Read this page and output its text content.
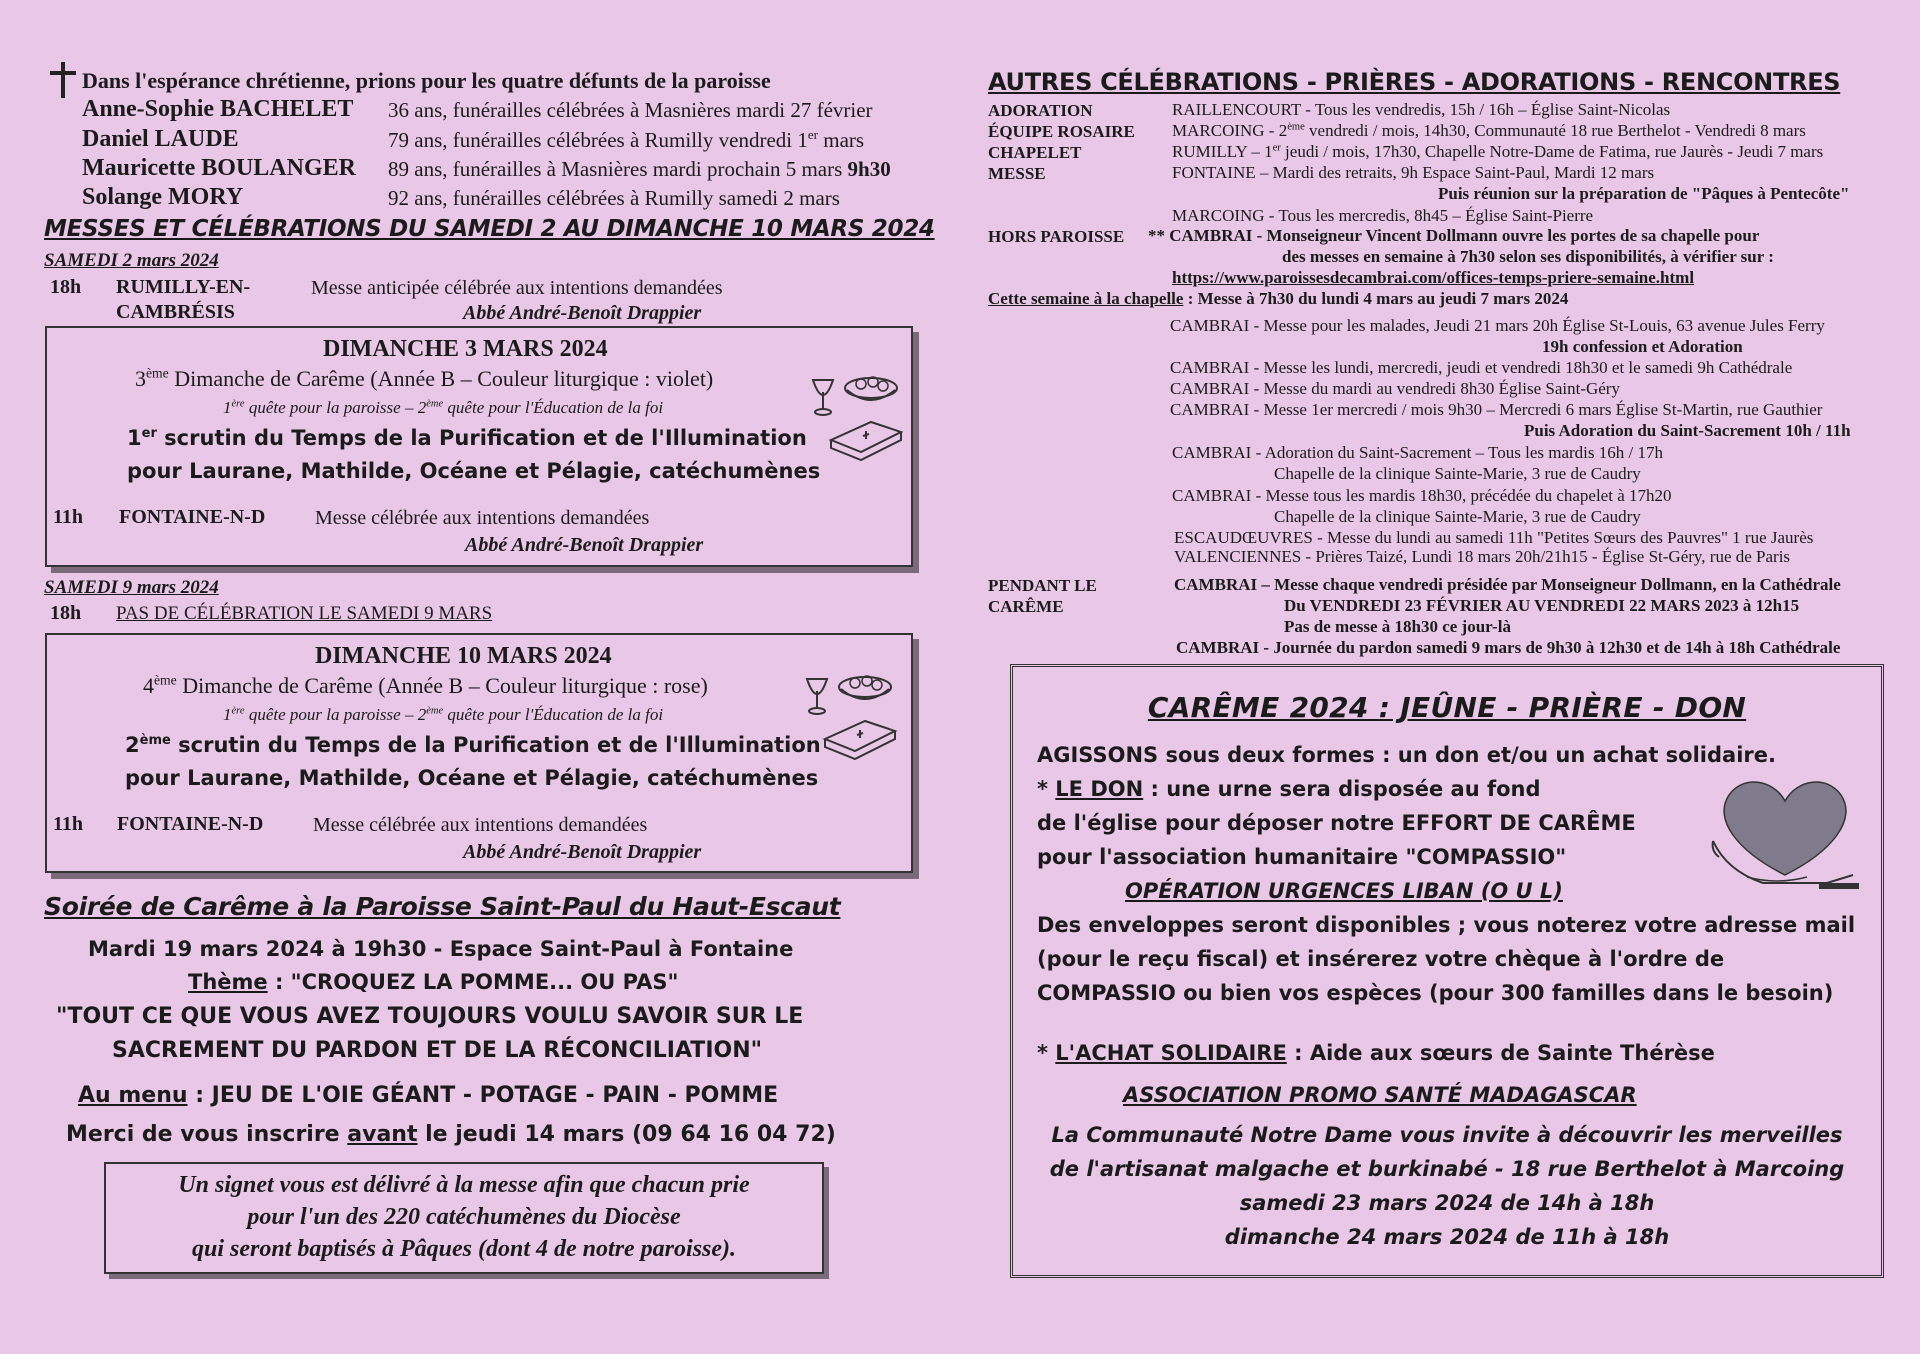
Dans l'espérance chrétienne, prions pour les quatre défunts de la paroisse
Anne-Sophie BACHELET 36 ans, funérailles célébrées à Masnières mardi 27 février
Daniel LAUDE	79 ans, funérailles célébrées à Rumilly vendredi 1er mars
Mauricette BOULANGER 89 ans, funérailles à Masnières mardi prochain 5 mars 9h30
Solange MORY	92 ans, funérailles célébrées à Rumilly samedi 2 mars
MESSES ET CÉLÉBRATIONS DU SAMEDI 2 AU DIMANCHE 10 MARS 2024
SAMEDI 2 mars 2024
18h RUMILLY-EN-
CAMBRÉSIS
Messe anticipée célébrée aux intentions demandées
Abbé André-Benoît Drappier
DIMANCHE 3 MARS 2024
3ème Dimanche de Carême (Année B – Couleur liturgique : violet)
1ère quête pour la paroisse – 2ème quête pour l'Éducation de la foi
1er scrutin du Temps de la Purification et de l'Illumination
pour Laurane, Mathilde, Océane et Pélagie, catéchumènes
11h FONTAINE-N-D Messe célébrée aux intentions demandées
Abbé André-Benoît Drappier
SAMEDI 9 mars 2024
18h PAS DE CÉLÉBRATION LE SAMEDI 9 MARS
DIMANCHE 10 MARS 2024
4ème Dimanche de Carême (Année B – Couleur liturgique : rose)
1ère quête pour la paroisse – 2ème quête pour l'Éducation de la foi
2ème scrutin du Temps de la Purification et de l'Illumination
pour Laurane, Mathilde, Océane et Pélagie, catéchumènes
11h FONTAINE-N-D Messe célébrée aux intentions demandées
Abbé André-Benoît Drappier
Soirée de Carême à la Paroisse Saint-Paul du Haut-Escaut
Mardi 19 mars 2024 à 19h30 - Espace Saint-Paul à Fontaine
Thème : "CROQUEZ LA POMME... OU PAS"
"TOUT CE QUE VOUS AVEZ TOUJOURS VOULU SAVOIR SUR LE
SACREMENT DU PARDON ET DE LA RÉCONCILIATION"
Au menu : JEU DE L'OIE GÉANT - POTAGE - PAIN - POMME
Merci de vous inscrire avant le jeudi 14 mars (09 64 16 04 72)
Un signet vous est délivré à la messe afin que chacun prie
pour l'un des 220 catéchumènes du Diocèse
qui seront baptisés à Pâques (dont 4 de notre paroisse).
AUTRES CÉLÉBRATIONS - PRIÈRES - ADORATIONS - RENCONTRES
ADORATION	RAILLENCOURT - Tous les vendredis, 15h / 16h – Église Saint-Nicolas
ÉQUIPE ROSAIRE MARCOING - 2ème vendredi / mois, 14h30, Communauté 18 rue Berthelot - Vendredi 8 mars
CHAPELET	RUMILLY – 1er jeudi / mois, 17h30, Chapelle Notre-Dame de Fatima, rue Jaurès - Jeudi 7 mars
MESSE	FONTAINE – Mardi des retraits, 9h Espace Saint-Paul, Mardi 12 mars
Puis réunion sur la préparation de "Pâques à Pentecôte"
MARCOING - Tous les mercredis, 8h45 – Église Saint-Pierre
HORS PAROISSE ** CAMBRAI - Monseigneur Vincent Dollmann ouvre les portes de sa chapelle pour
des messes en semaine à 7h30 selon ses disponibilités, à vérifier sur :
https://www.paroissesdecambrai.com/offices-temps-priere-semaine.html
Cette semaine à la chapelle : Messe à 7h30 du lundi 4 mars au jeudi 7 mars 2024
CAMBRAI - Messe pour les malades, Jeudi 21 mars 20h Église St-Louis, 63 avenue Jules Ferry
19h confession et Adoration
CAMBRAI - Messe les lundi, mercredi, jeudi et vendredi 18h30 et le samedi 9h Cathédrale
CAMBRAI - Messe du mardi au vendredi 8h30 Église Saint-Géry
CAMBRAI - Messe 1er mercredi / mois 9h30 – Mercredi 6 mars Église St-Martin, rue Gauthier
Puis Adoration du Saint-Sacrement 10h / 11h
CAMBRAI - Adoration du Saint-Sacrement – Tous les mardis 16h / 17h
Chapelle de la clinique Sainte-Marie, 3 rue de Caudry
CAMBRAI - Messe tous les mardis 18h30, précédée du chapelet à 17h20
Chapelle de la clinique Sainte-Marie, 3 rue de Caudry
ESCAUDŒUVRES - Messe du lundi au samedi 11h "Petites Sœurs des Pauvres" 1 rue Jaurès
VALENCIENNES - Prières Taizé, Lundi 18 mars 20h/21h15 - Église St-Géry, rue de Paris
PENDANT LE
CARÊME
CAMBRAI – Messe chaque vendredi présidée par Monseigneur Dollmann, en la Cathédrale
Du VENDREDI 23 FÉVRIER AU VENDREDI 22 MARS 2023 à 12h15
Pas de messe à 18h30 ce jour-là
CAMBRAI - Journée du pardon samedi 9 mars de 9h30 à 12h30 et de 14h à 18h Cathédrale
CARÊME 2024 : JEÛNE - PRIÈRE - DON
AGISSONS sous deux formes : un don et/ou un achat solidaire.
* LE DON : une urne sera disposée au fond
de l'église pour déposer notre EFFORT DE CARÊME
pour l'association humanitaire "COMPASSIO"
OPÉRATION URGENCES LIBAN (O U L)
Des enveloppes seront disponibles ; vous noterez votre adresse mail
(pour le reçu fiscal) et insérerez votre chèque à l'ordre de
COMPASSIO ou bien vos espèces (pour 300 familles dans le besoin)
* L'ACHAT SOLIDAIRE : Aide aux sœurs de Sainte Thérèse
ASSOCIATION PROMO SANTÉ MADAGASCAR
La Communauté Notre Dame vous invite à découvrir les merveilles
de l'artisanat malgache et burkinabé - 18 rue Berthelot à Marcoing
samedi 23 mars 2024 de 14h à 18h
dimanche 24 mars 2024 de 11h à 18h
